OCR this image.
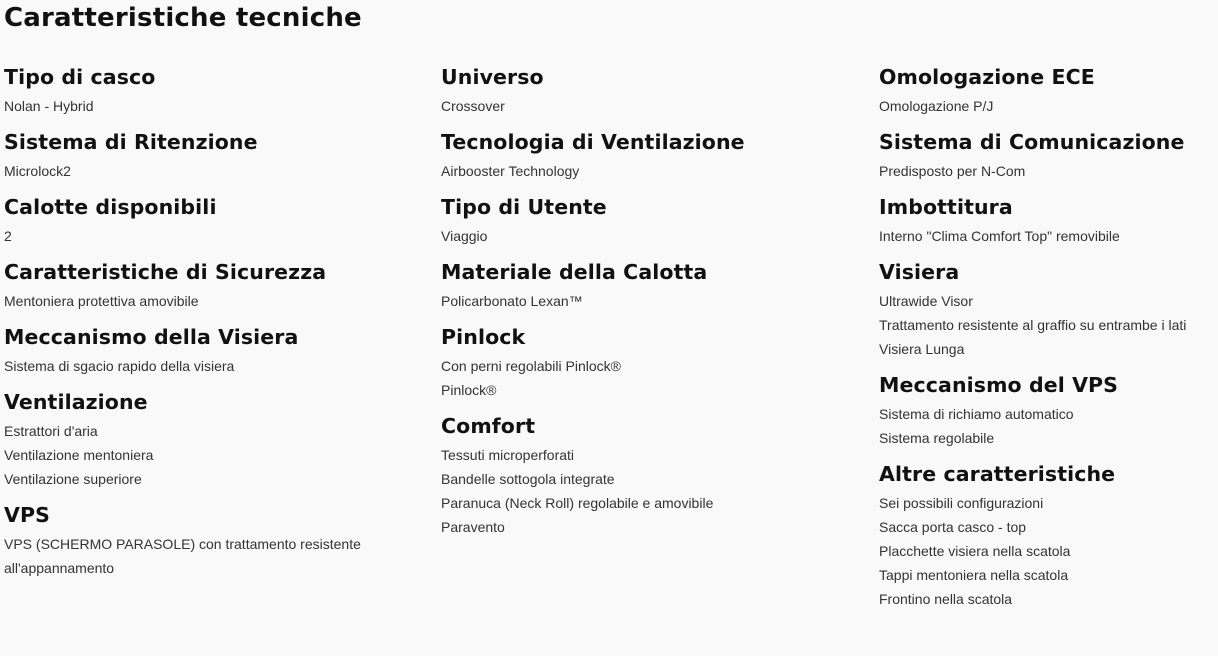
Caratteristiche tecniche
Tipo di casco
Nolan - Hybrid
Sistema di Ritenzione
Microlock2
Calotte disponibili
2
Caratteristiche di Sicurezza
Mentoniera protettiva amovibile
Meccanismo della Visiera
Sistema di sgacio rapido della visiera
Ventilazione
Estrattori d'aria
Ventilazione mentoniera
Ventilazione superiore
VPS
VPS (SCHERMO PARASOLE) con trattamento resistente
all'appannamento
Universo
Crossover
Tecnologia di Ventilazione
Airbooster Technology
Tipo di Utente
Viaggio
Materiale della Calotta
Policarbonato Lexan™
Pinlock
Con perni regolabili Pinlock®
Pinlock®
Comfort
Tessuti microperforati
Bandelle sottogola integrate
Paranuca (Neck Roll) regolabile e amovibile
Paravento
Omologazione ECE
Omologazione P/J
Sistema di Comunicazione
Predisposto per N-Com
Imbottitura
Interno "Clima Comfort Top" removibile
Visiera
Ultrawide Visor
Trattamento resistente al graffio su entrambe i lati
Visiera Lunga
Meccanismo del VPS
Sistema di richiamo automatico
Sistema regolabile
Altre caratteristiche
Sei possibili configurazioni
Sacca porta casco - top
Placchette visiera nella scatola
Tappi mentoniera nella scatola
Frontino nella scatola
